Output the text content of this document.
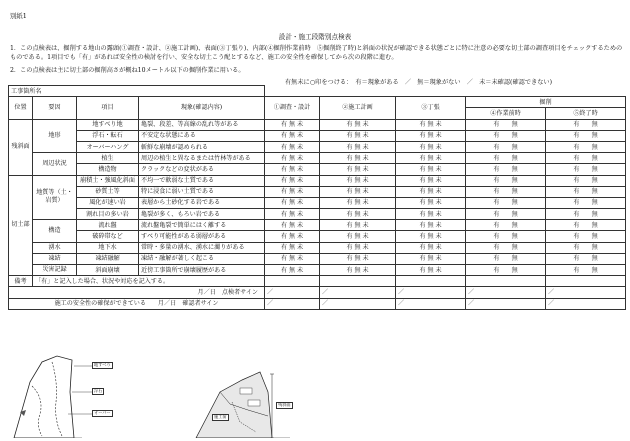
別紙1
設計・施工段階別点検表
1．この点検表は、掘削する地山の露頭(①調査・設計、②施工計画)、表面(③丁張り)、内部(④掘削作業前時　⑤掘削終了時)と斜面の状況が確認できる状態ごとに特に注意の必要な切土部の調査項目をチェックするためのものである。1項目でも「有」があれば安全性の検討を行い、安全な切土こう配とするなど、施工の安全性を確保してから次の段階に進む。
2．この点検表は主に切土部の掘削高さが概ね10メートル以下の掘削作業に用いる。
有無未に○印をつける：　有＝現象がある　／　無＝現象がない　／　未＝未確認(確認できない)
工事箇所名								
位置	要因	項目	現象(確認内容)	①調査・設計	②施工計画	③丁張	掘削	
							④作業前時	⑤終了時
残斜面	地形	地すべり地	亀裂、段差、等高線の乱れ等がある	有 無 未	有 無 未	有 無 未	有　　無	有　　無
		浮石・転石	不安定な状態にある	有 無 未	有 無 未	有 無 未	有　　無	有　　無
		オーバーハング	斬鮮な崩壊が認められる	有 無 未	有 無 未	有 無 未	有　　無	有　　無
	周辺状況	植生	周辺の植生と異なるまたは竹林等がある	有 無 未	有 無 未	有 無 未	有　　無	有　　無
		構造物	クラックなどの変状がある	有 無 未	有 無 未	有 無 未	有　　無	有　　無
切土部	地質等（土・岩質）	崩積土・強風化斜面	不均一で軟弱な土質である	有 無 未	有 無 未	有 無 未	有　　無	有　　無
		砂質土等	特に浸食に弱い土質である	有 無 未	有 無 未	有 無 未	有　　無	有　　無
		風化が速い岩	表層から土砂化する岩である	有 無 未	有 無 未	有 無 未	有　　無	有　　無
		割れ目の多い岩	亀裂が多く、もろい岩である	有 無 未	有 無 未	有 無 未	有　　無	有　　無
	構造	流れ盤	流れ盤亀裂で簡単にはく離する	有 無 未	有 無 未	有 無 未	有　　無	有　　無
		破砕帯など	すべり可能性がある弱層がある	有 無 未	有 無 未	有 無 未	有　　無	有　　無
	湧水	地下水	常時・多量の湧水、湧水に濁りがある	有 無 未	有 無 未	有 無 未	有　　無	有　　無
	凍結	凍結融解	凍結・融解が著しく起こる	有 無 未	有 無 未	有 無 未	有　　無	有　　無
	災害記録	斜面崩壊	近傍工事箇所で崩壊履歴がある	有 無 未	有 無 未	有 無 未	有　　無	有　　無
備考	「有」と記入した場合、状況や対応を記入する。							
月／日　点検者サイン				／	／	／	／	／
施工の安全性の確保ができている 月／日　確認者サイン				／	／	／	／	／
地すべり
浮石
オーバー
施工前
残斜面
